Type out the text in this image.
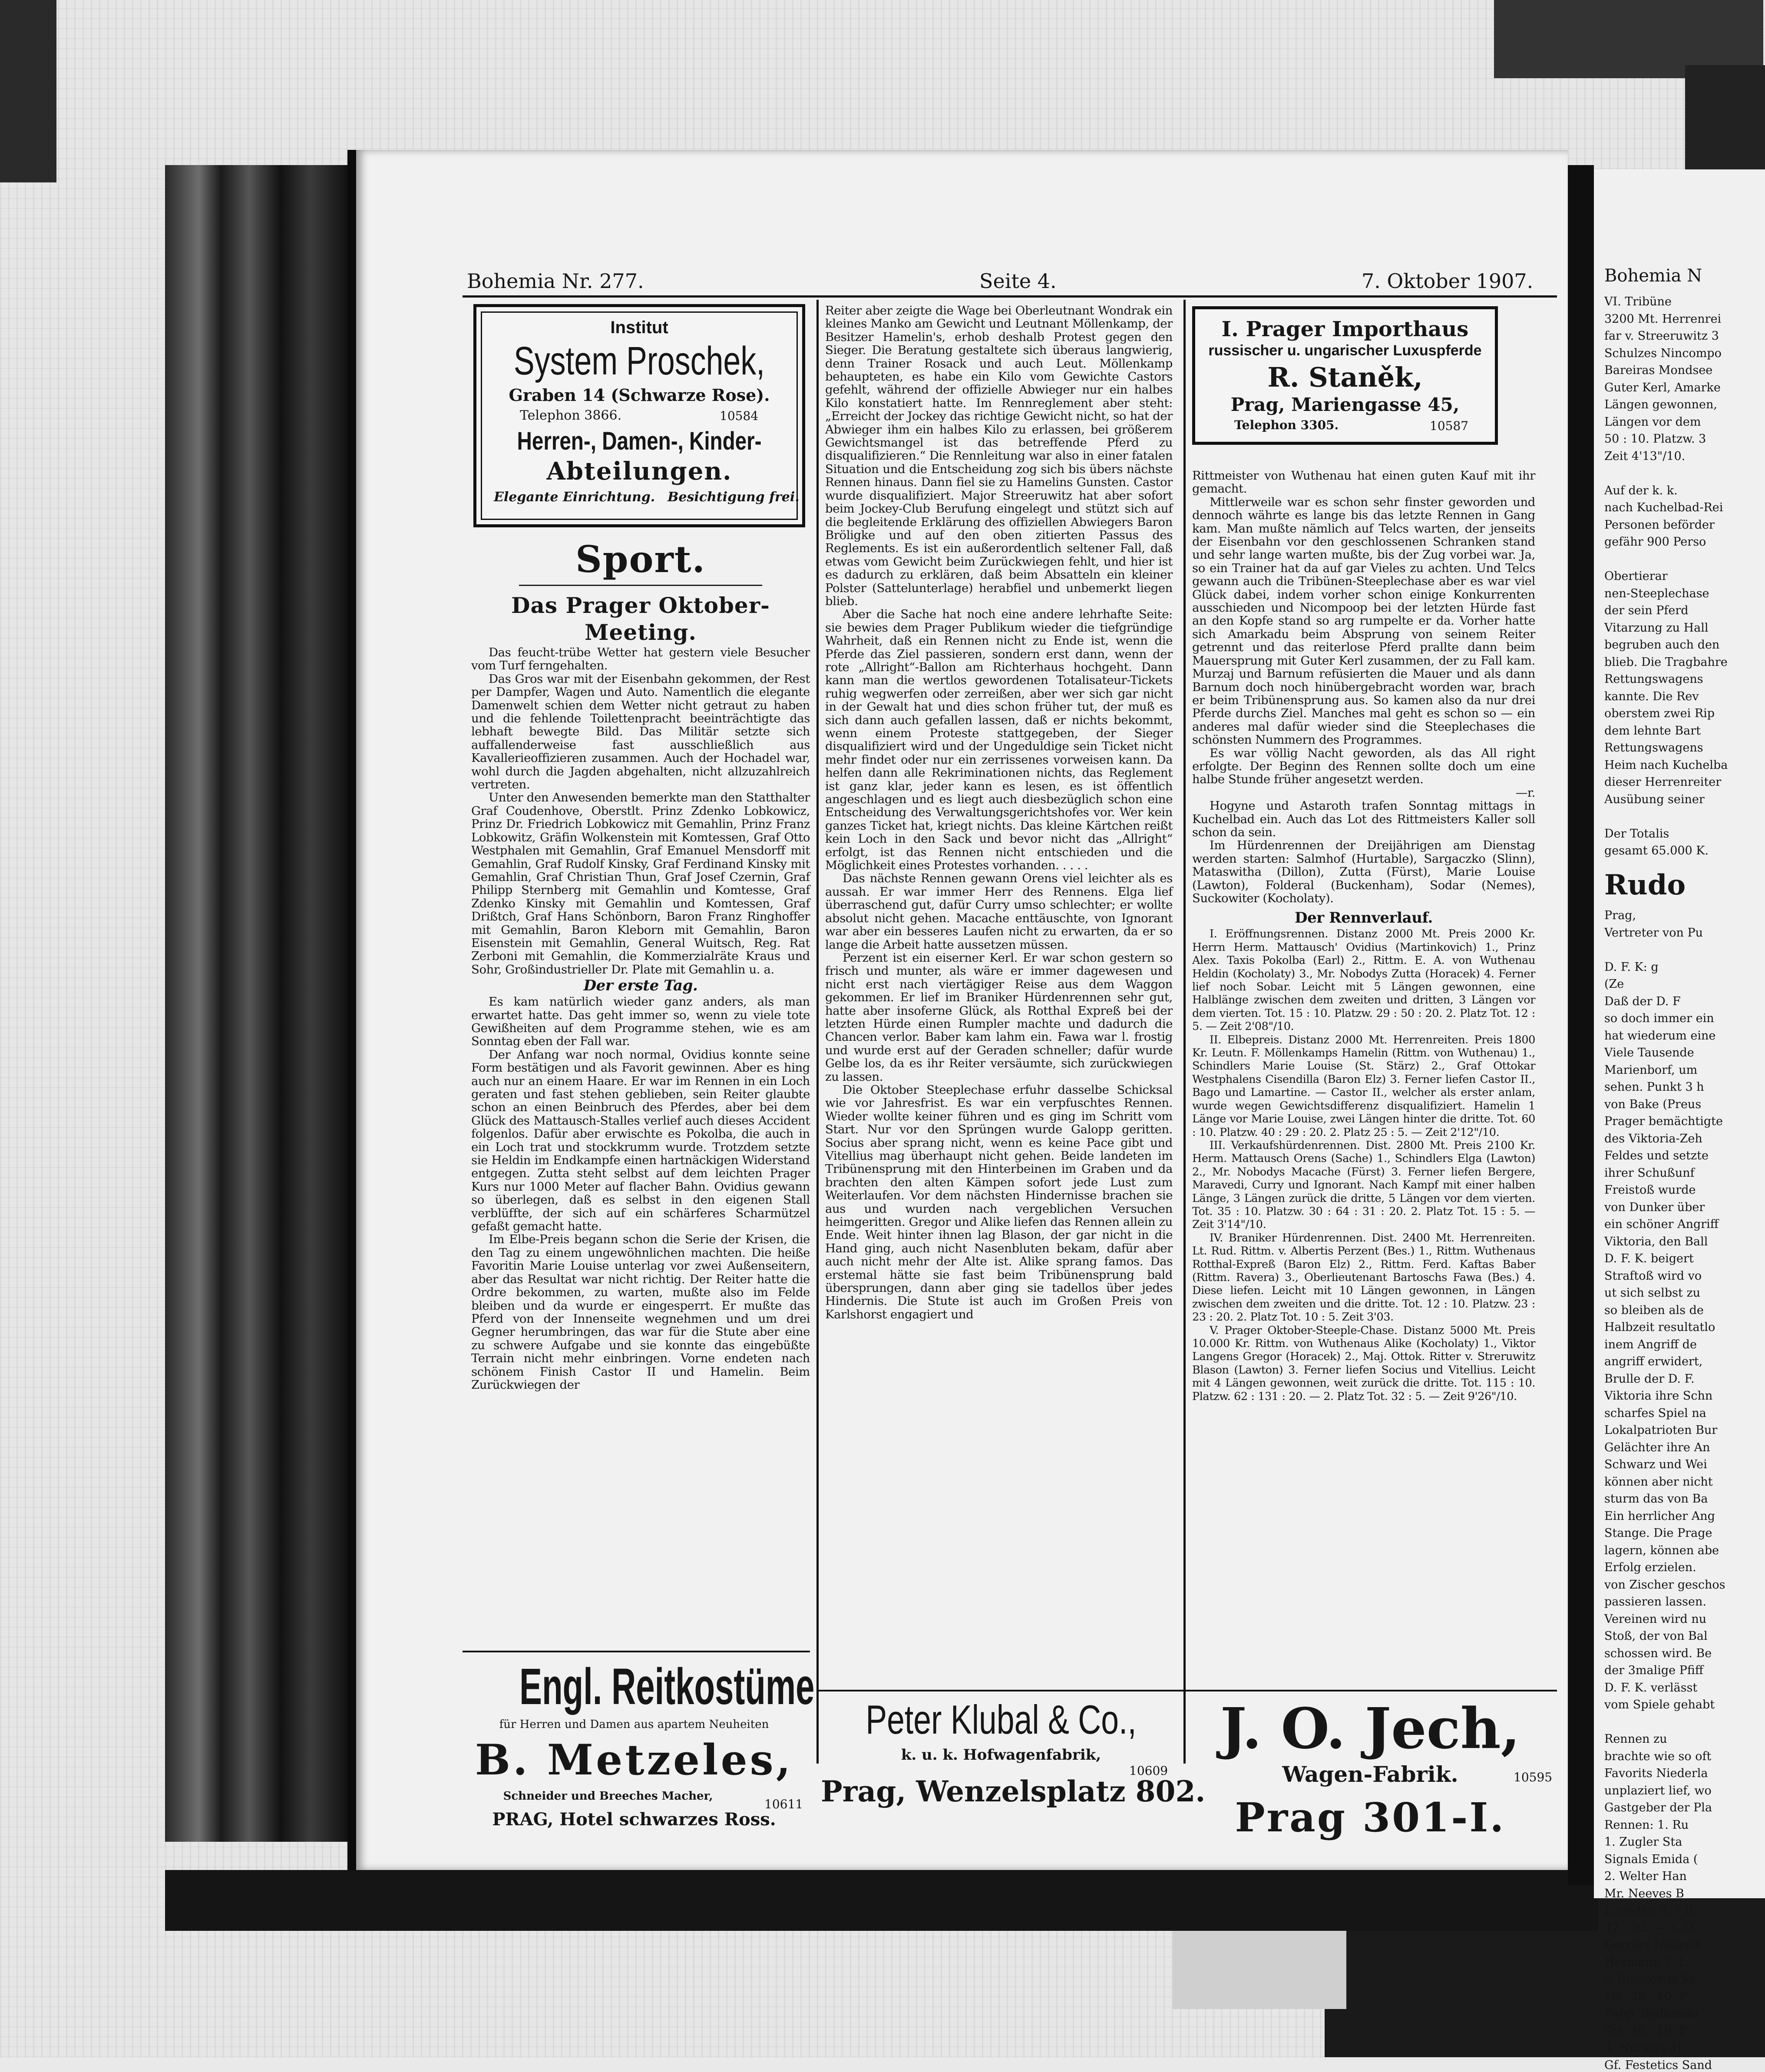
Bohemia Nr. 277.	Seite 4.	7. Oktober 1907.
Institut
System Proschek,
Graben 14 (Schwarze Rose).
Telephon 3866.	10584
Herren-, Damen-, Kinder-
Abteilungen.
Elegante Einrichtung. Besichtigung frei.
Sport.
Das Prager Oktober-Meeting.

Das feucht-trübe Wetter hat gestern viele Besucher vom Turf ferngehalten.

Das Gros war mit der Eisenbahn gekommen, der Rest per Dampfer, Wagen und Auto. Namentlich die elegante Damenwelt schien dem Wetter nicht getraut zu haben und die fehlende Toilettenpracht beeinträchtigte das lebhaft bewegte Bild. Das Militär setzte sich auffallenderweise fast ausschließlich aus Kavallerieoffizieren zusammen. Auch der Hochadel war, wohl durch die Jagden abgehalten, nicht allzuzahlreich vertreten.

Unter den Anwesenden bemerkte man den Statthalter Graf Coudenhove, Oberstlt. Prinz Zdenko Lobkowicz, Prinz Dr. Friedrich Lobkowicz mit Gemahlin, Prinz Franz Lobkowitz, Gräfin Wolkenstein mit Komtessen, Graf Otto Westphalen mit Gemahlin, Graf Emanuel Mensdorff mit Gemahlin, Graf Rudolf Kinsky, Graf Ferdinand Kinsky mit Gemahlin, Graf Christian Thun, Graf Josef Czernin, Graf Philipp Sternberg mit Gemahlin und Komtesse, Graf Zdenko Kinsky mit Gemahlin und Komtessen, Graf Drißtch, Graf Hans Schönborn, Baron Franz Ringhoffer mit Gemahlin, Baron Kleborn mit Gemahlin, Baron Eisenstein mit Gemahlin, General Wuitsch, Reg. Rat Zerboni mit Gemahlin, die Kommerzialräte Kraus und Sohr, Großindustrieller Dr. Plate mit Gemahlin u. a.

Der erste Tag.

Es kam natürlich wieder ganz anders, als man erwartet hatte. Das geht immer so, wenn zu viele tote Gewißheiten auf dem Programme stehen, wie es am Sonntag eben der Fall war.

Der Anfang war noch normal, Ovidius konnte seine Form bestätigen und als Favorit gewinnen. Aber es hing auch nur an einem Haare. Er war im Rennen in ein Loch geraten und fast stehen geblieben, sein Reiter glaubte schon an einen Beinbruch des Pferdes, aber bei dem Glück des Mattausch-Stalles verlief auch dieses Accident folgenlos. Dafür aber erwischte es Pokolba, die auch in ein Loch trat und stockkrumm wurde. Trotzdem setzte sie Heldin im Endkampfe einen hartnäckigen Widerstand entgegen. Zutta steht selbst auf dem leichten Prager Kurs nur 1000 Meter auf flacher Bahn. Ovidius gewann so überlegen, daß es selbst in den eigenen Stall verblüffte, der sich auf ein schärferes Scharmützel gefaßt gemacht hatte.

Im Elbe-Preis begann schon die Serie der Krisen, die den Tag zu einem ungewöhnlichen machten. Die heiße Favoritin Marie Louise unterlag vor zwei Außenseitern, aber das Resultat war nicht richtig. Der Reiter hatte die Ordre bekommen, zu warten, mußte also im Felde bleiben und da wurde er eingesperrt. Er mußte das Pferd von der Innenseite wegnehmen und um drei Gegner herumbringen, das war für die Stute aber eine zu schwere Aufgabe und sie konnte das eingebüßte Terrain nicht mehr einbringen. Vorne endeten nach schönem Finish Castor II und Hamelin. Beim Zurückwiegen der

Reiter aber zeigte die Wage bei Oberleutnant Wondrak ein kleines Manko am Gewicht und Leutnant Möllenkamp, der Besitzer Hamelin's, erhob deshalb Protest gegen den Sieger. Die Beratung gestaltete sich überaus langwierig, denn Trainer Rosack und auch Leut. Möllenkamp behaupteten, es habe ein Kilo vom Gewichte Castors gefehlt, während der offizielle Abwieger nur ein halbes Kilo konstatiert hatte. Im Rennreglement aber steht: „Erreicht der Jockey das richtige Gewicht nicht, so hat der Abwieger ihm ein halbes Kilo zu erlassen, bei größerem Gewichtsmangel ist das betreffende Pferd zu disqualifizieren.“ Die Rennleitung war also in einer fatalen Situation und die Entscheidung zog sich bis übers nächste Rennen hinaus. Dann fiel sie zu Hamelins Gunsten. Castor wurde disqualifiziert. Major Streeruwitz hat aber sofort beim Jockey-Club Berufung eingelegt und stützt sich auf die begleitende Erklärung des offiziellen Abwiegers Baron Bröligke und auf den oben zitierten Passus des Reglements. Es ist ein außerordentlich seltener Fall, daß etwas vom Gewicht beim Zurückwiegen fehlt, und hier ist es dadurch zu erklären, daß beim Absatteln ein kleiner Polster (Sattelunterlage) herabfiel und unbemerkt liegen blieb.

Aber die Sache hat noch eine andere lehrhafte Seite: sie bewies dem Prager Publikum wieder die tiefgründige Wahrheit, daß ein Rennen nicht zu Ende ist, wenn die Pferde das Ziel passieren, sondern erst dann, wenn der rote „Allright“-Ballon am Richterhaus hochgeht. Dann kann man die wertlos gewordenen Totalisateur-Tickets ruhig wegwerfen oder zerreißen, aber wer sich gar nicht in der Gewalt hat und dies schon früher tut, der muß es sich dann auch gefallen lassen, daß er nichts bekommt, wenn einem Proteste stattgegeben, der Sieger disqualifiziert wird und der Ungeduldige sein Ticket nicht mehr findet oder nur ein zerrissenes vorweisen kann. Da helfen dann alle Rekriminationen nichts, das Reglement ist ganz klar, jeder kann es lesen, es ist öffentlich angeschlagen und es liegt auch diesbezüglich schon eine Entscheidung des Verwaltungsgerichtshofes vor. Wer kein ganzes Ticket hat, kriegt nichts. Das kleine Kärtchen reißt kein Loch in den Sack und bevor nicht das „Allright“ erfolgt, ist das Rennen nicht entschieden und die Möglichkeit eines Protestes vorhanden. . . . .

Das nächste Rennen gewann Orens viel leichter als es aussah. Er war immer Herr des Rennens. Elga lief überraschend gut, dafür Curry umso schlechter; er wollte absolut nicht gehen. Macache enttäuschte, von Ignorant war aber ein besseres Laufen nicht zu erwarten, da er so lange die Arbeit hatte aussetzen müssen.

Perzent ist ein eiserner Kerl. Er war schon gestern so frisch und munter, als wäre er immer dagewesen und nicht erst nach viertägiger Reise aus dem Waggon gekommen. Er lief im Braniker Hürdenrennen sehr gut, hatte aber insoferne Glück, als Rotthal Expreß bei der letzten Hürde einen Rumpler machte und dadurch die Chancen verlor. Baber kam lahm ein. Fawa war l. frostig und wurde erst auf der Geraden schneller; dafür wurde Gelbe los, da es ihr Reiter versäumte, sich zurückwiegen zu lassen.

Die Oktober Steeplechase erfuhr dasselbe Schicksal wie vor Jahresfrist. Es war ein verpfuschtes Rennen. Wieder wollte keiner führen und es ging im Schritt vom Start. Nur vor den Sprüngen wurde Galopp geritten. Socius aber sprang nicht, wenn es keine Pace gibt und Vitellius mag überhaupt nicht gehen. Beide landeten im Tribünensprung mit den Hinterbeinen im Graben und da brachten den alten Kämpen sofort jede Lust zum Weiterlaufen. Vor dem nächsten Hindernisse brachen sie aus und wurden nach vergeblichen Versuchen heimgeritten. Gregor und Alike liefen das Rennen allein zu Ende. Weit hinter ihnen lag Blason, der gar nicht in die Hand ging, auch nicht Nasenbluten bekam, dafür aber auch nicht mehr der Alte ist. Alike sprang famos. Das erstemal hätte sie fast beim Tribünensprung bald übersprungen, dann aber ging sie tadellos über jedes Hindernis. Die Stute ist auch im Großen Preis von Karlshorst engagiert und

I. Prager Importhaus
russischer u. ungarischer Luxuspferde
R. Staněk,
Prag, Mariengasse 45,
Telephon 3305.	10587

Rittmeister von Wuthenau hat einen guten Kauf mit ihr gemacht.

Mittlerweile war es schon sehr finster geworden und dennoch währte es lange bis das letzte Rennen in Gang kam. Man mußte nämlich auf Telcs warten, der jenseits der Eisenbahn vor den geschlossenen Schranken stand und sehr lange warten mußte, bis der Zug vorbei war. Ja, so ein Trainer hat da auf gar Vieles zu achten. Und Telcs gewann auch die Tribünen-Steeplechase aber es war viel Glück dabei, indem vorher schon einige Konkurrenten ausschieden und Nicompoop bei der letzten Hürde fast an den Kopfe stand so arg rumpelte er da. Vorher hatte sich Amarkadu beim Absprung von seinem Reiter getrennt und das reiterlose Pferd prallte dann beim Mauersprung mit Guter Kerl zusammen, der zu Fall kam. Murzaj und Barnum refüsierten die Mauer und als dann Barnum doch noch hinübergebracht worden war, brach er beim Tribünensprung aus. So kamen also da nur drei Pferde durchs Ziel. Manches mal geht es schon so — ein anderes mal dafür wieder sind die Steeplechases die schönsten Nummern des Programmes.

Es war völlig Nacht geworden, als das All right erfolgte. Der Beginn des Rennen sollte doch um eine halbe Stunde früher angesetzt werden.

—r.

Hogyne und Astaroth trafen Sonntag mittags in Kuchelbad ein. Auch das Lot des Rittmeisters Kaller soll schon da sein.

Im Hürdenrennen der Dreijährigen am Dienstag werden starten: Salmhof (Hurtable), Sargaczko (Slinn), Mataswitha (Dillon), Zutta (Fürst), Marie Louise (Lawton), Folderal (Buckenham), Sodar (Nemes), Suckowiter (Kocholaty).

Der Rennverlauf.

I. Eröffnungsrennen. Distanz 2000 Mt. Preis 2000 Kr. Herrn Herm. Mattausch' Ovidius (Martinkovich) 1., Prinz Alex. Taxis Pokolba (Earl) 2., Rittm. E. A. von Wuthenau Heldin (Kocholaty) 3., Mr. Nobodys Zutta (Horacek) 4. Ferner lief noch Sobar. Leicht mit 5 Längen gewonnen, eine Halblänge zwischen dem zweiten und dritten, 3 Längen vor dem vierten. Tot. 15 : 10. Platzw. 29 : 50 : 20. 2. Platz Tot. 12 : 5. — Zeit 2'08"/10.

II. Elbepreis. Distanz 2000 Mt. Herrenreiten. Preis 1800 Kr. Leutn. F. Möllenkamps Hamelin (Rittm. von Wuthenau) 1., Schindlers Marie Louise (St. Stärz) 2., Graf Ottokar Westphalens Cisendilla (Baron Elz) 3. Ferner liefen Castor II., Bago und Lamartine. — Castor II., welcher als erster anlam, wurde wegen Gewichtsdifferenz disqualifiziert. Hamelin 1 Länge vor Marie Louise, zwei Längen hinter die dritte. Tot. 60 : 10. Platzw. 40 : 29 : 20. 2. Platz 25 : 5. — Zeit 2'12"/10.

III. Verkaufshürdenrennen. Dist. 2800 Mt. Preis 2100 Kr. Herm. Mattausch Orens (Sache) 1., Schindlers Elga (Lawton) 2., Mr. Nobodys Macache (Fürst) 3. Ferner liefen Bergere, Maravedi, Curry und Ignorant. Nach Kampf mit einer halben Länge, 3 Längen zurück die dritte, 5 Längen vor dem vierten. Tot. 35 : 10. Platzw. 30 : 64 : 31 : 20. 2. Platz Tot. 15 : 5. — Zeit 3'14"/10.

IV. Braniker Hürdenrennen. Dist. 2400 Mt. Herrenreiten. Lt. Rud. Rittm. v. Albertis Perzent (Bes.) 1., Rittm. Wuthenaus Rotthal-Expreß (Baron Elz) 2., Rittm. Ferd. Kaftas Baber (Rittm. Ravera) 3., Oberlieutenant Bartoschs Fawa (Bes.) 4. Diese liefen. Leicht mit 10 Längen gewonnen, in Längen zwischen dem zweiten und die dritte. Tot. 12 : 10. Platzw. 23 : 23 : 20. 2. Platz Tot. 10 : 5. Zeit 3'03.

V. Prager Oktober-Steeple-Chase. Distanz 5000 Mt. Preis 10.000 Kr. Rittm. von Wuthenaus Alike (Kocholaty) 1., Viktor Langens Gregor (Horacek) 2., Maj. Ottok. Ritter v. Streruwitz Blason (Lawton) 3. Ferner liefen Socius und Vitellius. Leicht mit 4 Längen gewonnen, weit zurück die dritte. Tot. 115 : 10. Platzw. 62 : 131 : 20. — 2. Platz Tot. 32 : 5. — Zeit 9'26"/10.

Engl. Reitkostüme
für Herren und Damen aus apartem Neuheiten
B. Metzeles,
Schneider und Breeches Macher,
10611
PRAG, Hotel schwarzes Ross.
Peter Klubal & Co.,
k. u. k. Hofwagenfabrik,
10609
Prag, Wenzelsplatz 802.
J. O. Jech,
Wagen-Fabrik.	10595
Prag 301-I.
Bohemia N
VI. Tribüne
3200 Mt. Herrenrei
far v. Streeruwitz 3
Schulzes Nincompo
Bareiras Mondsee
Guter Kerl, Amarke
Längen gewonnen,
Längen vor dem
50 : 10. Platzw. 3
Zeit 4'13"/10.
Auf der k. k.
nach Kuchelbad-Rei
Personen beförder
gefähr 900 Perso
Obertierar
nen-Steeplechase
der sein Pferd
Vitarzung zu Hall
begruben auch den
blieb. Die Tragbahre
Rettungswagens
kannte. Die Rev
oberstem zwei Rip
dem lehnte Bart
Rettungswagens
Heim nach Kuchelba
dieser Herrenreiter
Ausübung seiner
Der Totalis
gesamt 65.000 K.
Rudo
Prag,
Vertreter von Pu
D. F. K: g
(Ze
Daß der D. F
so doch immer ein
hat wiederum eine
Viele Tausende
Marienborf, um
sehen. Punkt 3 h
von Bake (Preus
Prager bemächtigte
des Viktoria-Zeh
Feldes und setzte
ihrer Schußunf
Freistoß wurde
von Dunker über
ein schöner Angriff
Viktoria, den Ball
D. F. K. beigert
Straftoß wird vo
ut sich selbst zu
so bleiben als de
Halbzeit resultatlo
inem Angriff de
angriff erwidert,
Brulle der D. F.
Viktoria ihre Schn
scharfes Spiel na
Lokalpatrioten Bur
Gelächter ihre An
Schwarz und Wei
können aber nicht
sturm das von Ba
Ein herrlicher Ang
Stange. Die Prage
lagern, können abe
Erfolg erzielen.
von Zischer geschos
passieren lassen.
Vereinen wird nu
Stoß, der von Bal
schossen wird. Be
der 3malige Pfiff
D. F. K. verlässt
vom Spiele gehabt
Rennen zu
brachte wie so oft
Favorits Niederla
unplaziert lief, wo
Gastgeber der Pla
Rennen: 1. Ru
1. Zugler Sta
Signals Emida (
2. Welter Han
Mr. Neeves B
Lonedan 3. 7 li
42 : 20. — 3. O
Gerrers Neuzeit
Hermann 3. L
v. Blaskovits St
Tot. 28 : 10. P
Papp, Sedirmda
Tot. 48 : 10. P
4. Nursery-H
Gf. Festetics Sand
